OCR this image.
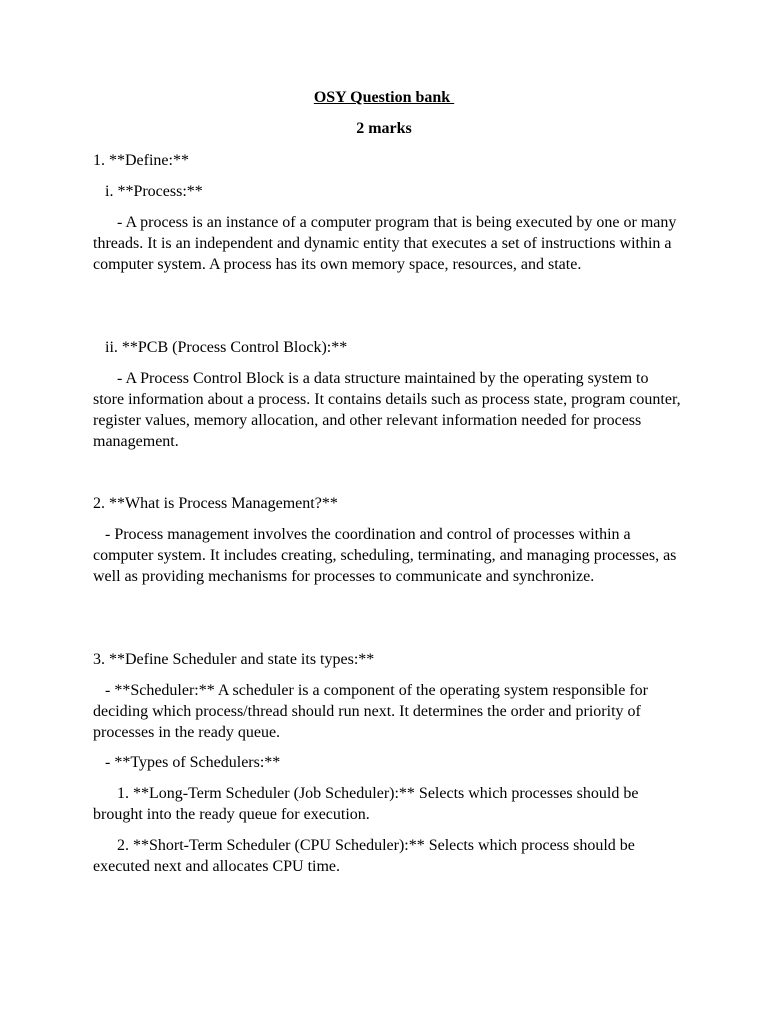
OSY Question bank
2 marks
1. **Define:**
i. **Process:**
- A process is an instance of a computer program that is being executed by one or many threads. It is an independent and dynamic entity that executes a set of instructions within a computer system. A process has its own memory space, resources, and state.
ii. **PCB (Process Control Block):**
- A Process Control Block is a data structure maintained by the operating system to store information about a process. It contains details such as process state, program counter, register values, memory allocation, and other relevant information needed for process management.
2. **What is Process Management?**
- Process management involves the coordination and control of processes within a computer system. It includes creating, scheduling, terminating, and managing processes, as well as providing mechanisms for processes to communicate and synchronize.
3. **Define Scheduler and state its types:**
- **Scheduler:** A scheduler is a component of the operating system responsible for deciding which process/thread should run next. It determines the order and priority of processes in the ready queue.
- **Types of Schedulers:**
1. **Long-Term Scheduler (Job Scheduler):** Selects which processes should be brought into the ready queue for execution.
2. **Short-Term Scheduler (CPU Scheduler):** Selects which process should be executed next and allocates CPU time.
